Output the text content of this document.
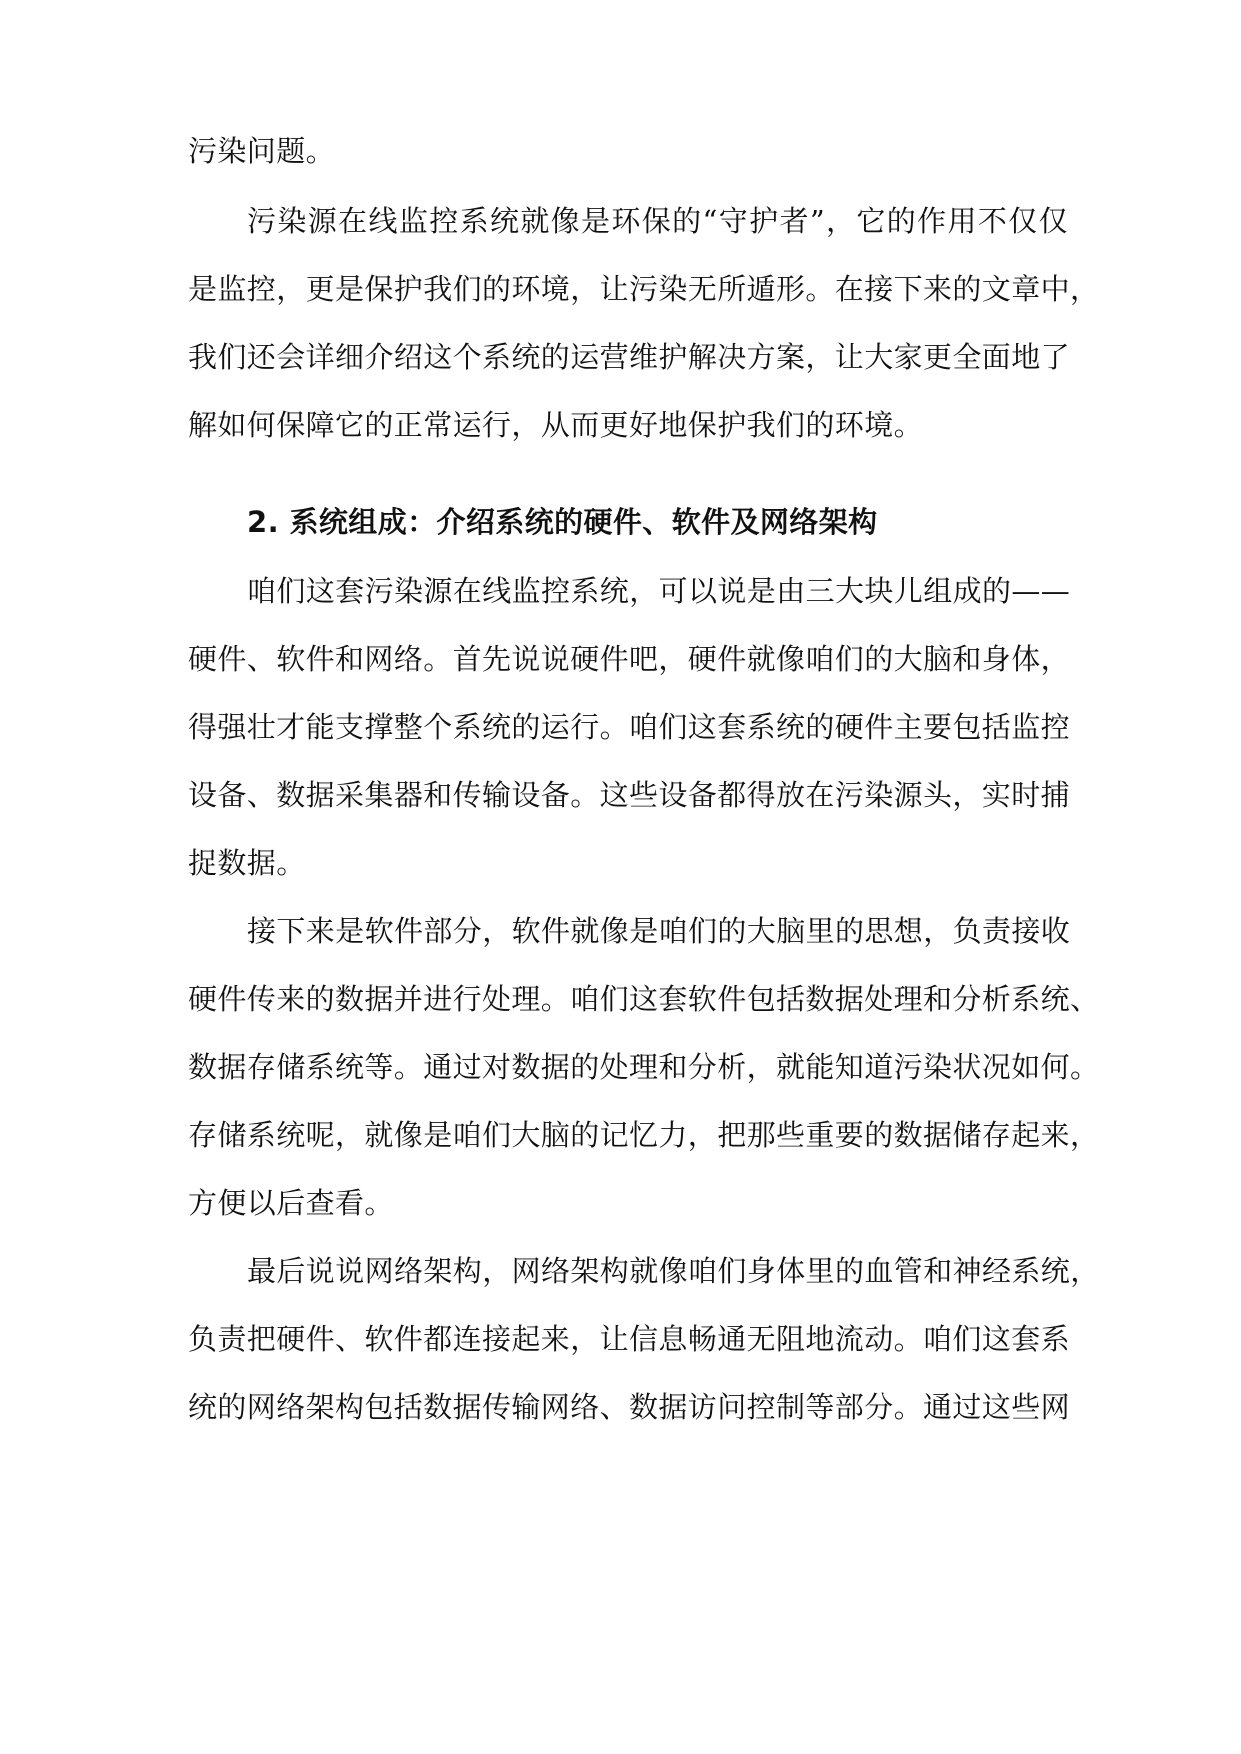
污染问题。
污染源在线监控系统就像是环保的“守护者”，它的作用不仅仅
是监控，更是保护我们的环境，让污染无所遁形。在接下来的文章中，
我们还会详细介绍这个系统的运营维护解决方案，让大家更全面地了
解如何保障它的正常运行，从而更好地保护我们的环境。
2. 系统组成：介绍系统的硬件、软件及网络架构
咱们这套污染源在线监控系统，可以说是由三大块儿组成的——
硬件、软件和网络。首先说说硬件吧，硬件就像咱们的大脑和身体，
得强壮才能支撑整个系统的运行。咱们这套系统的硬件主要包括监控
设备、数据采集器和传输设备。这些设备都得放在污染源头，实时捕
捉数据。
接下来是软件部分，软件就像是咱们的大脑里的思想，负责接收
硬件传来的数据并进行处理。咱们这套软件包括数据处理和分析系统、
数据存储系统等。通过对数据的处理和分析，就能知道污染状况如何。
存储系统呢，就像是咱们大脑的记忆力，把那些重要的数据储存起来，
方便以后查看。
最后说说网络架构，网络架构就像咱们身体里的血管和神经系统，
负责把硬件、软件都连接起来，让信息畅通无阻地流动。咱们这套系
统的网络架构包括数据传输网络、数据访问控制等部分。通过这些网
